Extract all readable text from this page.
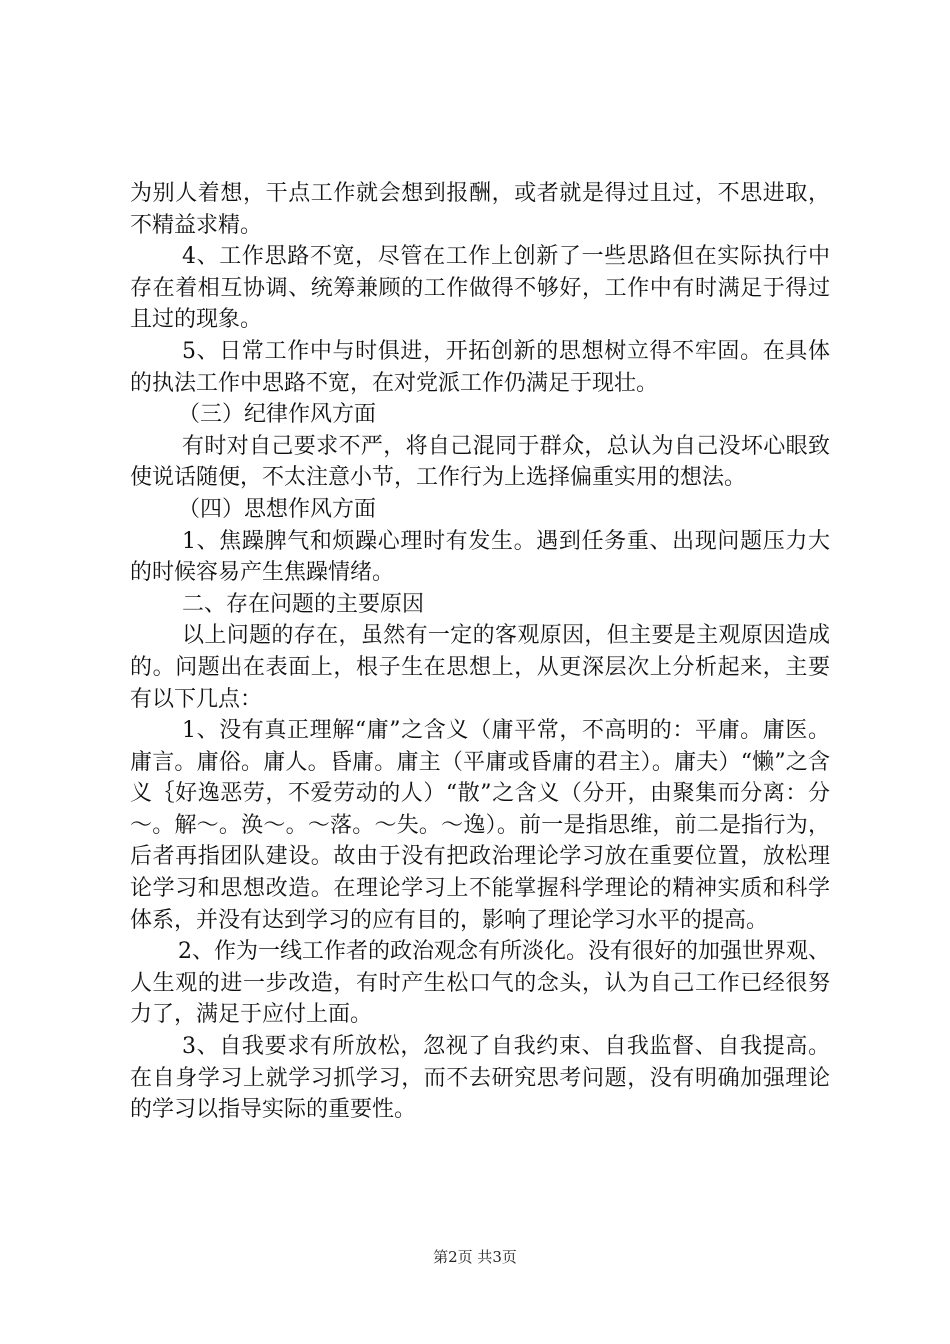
为别人着想，干点工作就会想到报酬，或者就是得过且过，不思进取，不精益求精。

4、工作思路不宽，尽管在工作上创新了一些思路但在实际执行中存在着相互协调、统筹兼顾的工作做得不够好，工作中有时满足于得过且过的现象。

5、日常工作中与时俱进，开拓创新的思想树立得不牢固。在具体的执法工作中思路不宽，在对党派工作仍满足于现壮。

（三）纪律作风方面

有时对自己要求不严，将自己混同于群众，总认为自己没坏心眼致使说话随便，不太注意小节，工作行为上选择偏重实用的想法。

（四）思想作风方面

1、焦躁脾气和烦躁心理时有发生。遇到任务重、出现问题压力大的时候容易产生焦躁情绪。

二、存在问题的主要原因

以上问题的存在，虽然有一定的客观原因，但主要是主观原因造成的。问题出在表面上，根子生在思想上，从更深层次上分析起来，主要有以下几点：

1、没有真正理解“庸”之含义（庸平常，不高明的：平庸。庸医。庸言。庸俗。庸人。昏庸。庸主（平庸或昏庸的君主）。庸夫）“懒”之含义｛好逸恶劳，不爱劳动的人）“散”之含义（分开，由聚集而分离：分～。解～。涣～。～落。～失。～逸）。前一是指思维，前二是指行为，后者再指团队建设。故由于没有把政治理论学习放在重要位置，放松理论学习和思想改造。在理论学习上不能掌握科学理论的精神实质和科学体系，并没有达到学习的应有目的，影响了理论学习水平的提高。

2、作为一线工作者的政治观念有所淡化。没有很好的加强世界观、人生观的进一步改造，有时产生松口气的念头，认为自己工作已经很努力了，满足于应付上面。

3、自我要求有所放松，忽视了自我约束、自我监督、自我提高。在自身学习上就学习抓学习，而不去研究思考问题，没有明确加强理论的学习以指导实际的重要性。

第2页 共3页
